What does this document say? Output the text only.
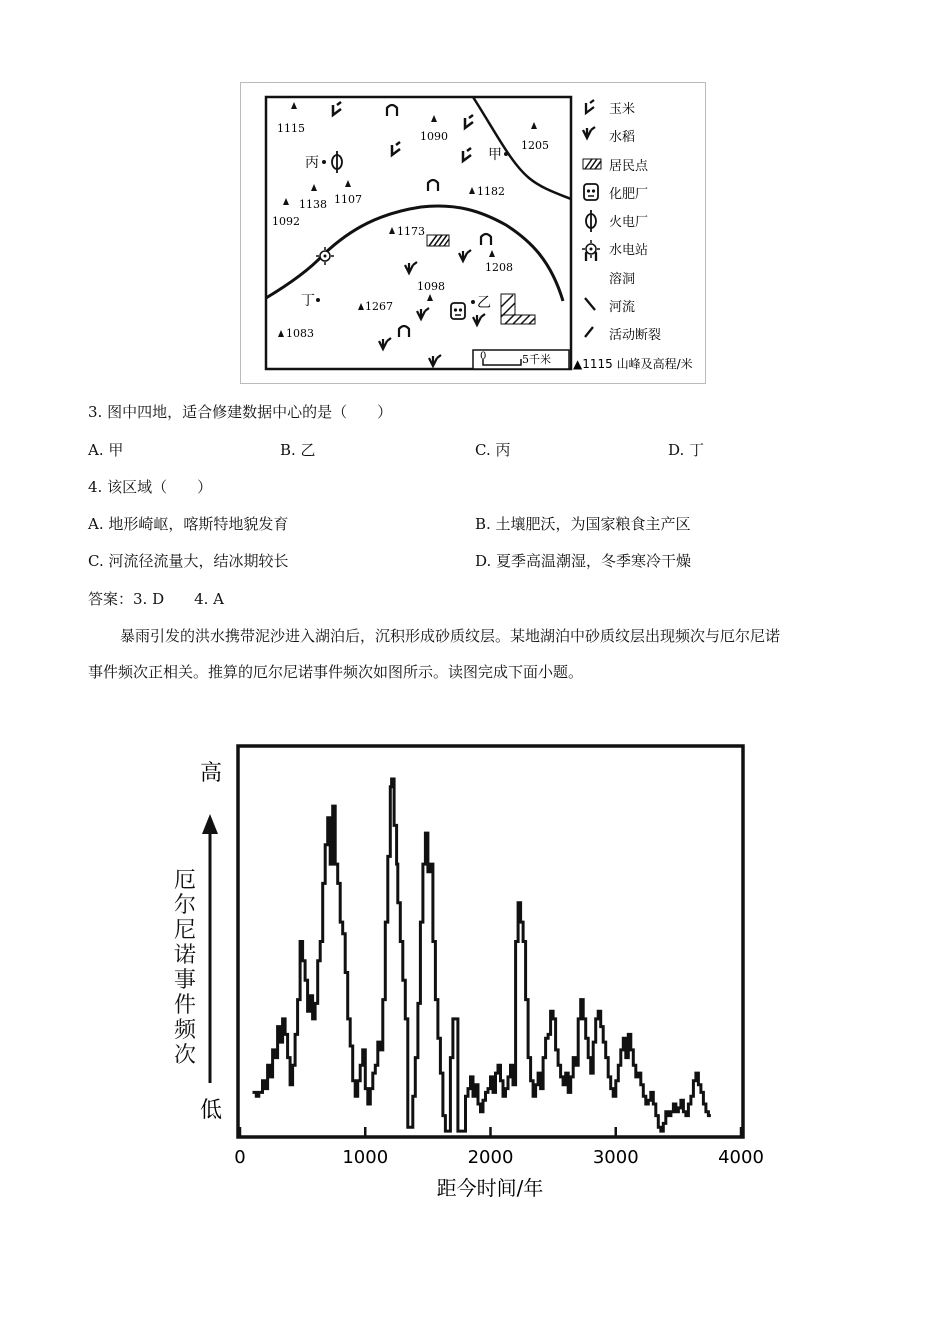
1115
1090
1205
1138 1107
1092
1182
1173
1208
1098
1267
1083
丙	甲
乙
丁
0	5千米
玉米
水稻
居民点
化肥厂
火电厂
水电站
溶洞
河流
活动断裂
▲1115 山峰及高程/米
3. 图中四地，适合修建数据中心的是（　　）
A. 甲	B. 乙	C. 丙	D. 丁
4. 该区域（　　）
A. 地形崎岖，喀斯特地貌发育	B. 土壤肥沃，为国家粮食主产区
C. 河流径流量大，结冰期较长	D. 夏季高温潮湿，冬季寒冷干燥
答案：3. D　　4. A
暴雨引发的洪水携带泥沙进入湖泊后，沉积形成砂质纹层。某地湖泊中砂质纹层出现频次与厄尔尼诺
事件频次正相关。推算的厄尔尼诺事件频次如图所示。读图完成下面小题。
0	1000	2000	3000	4000
高
低
距今时间/年
厄尔尼诺事件频次
